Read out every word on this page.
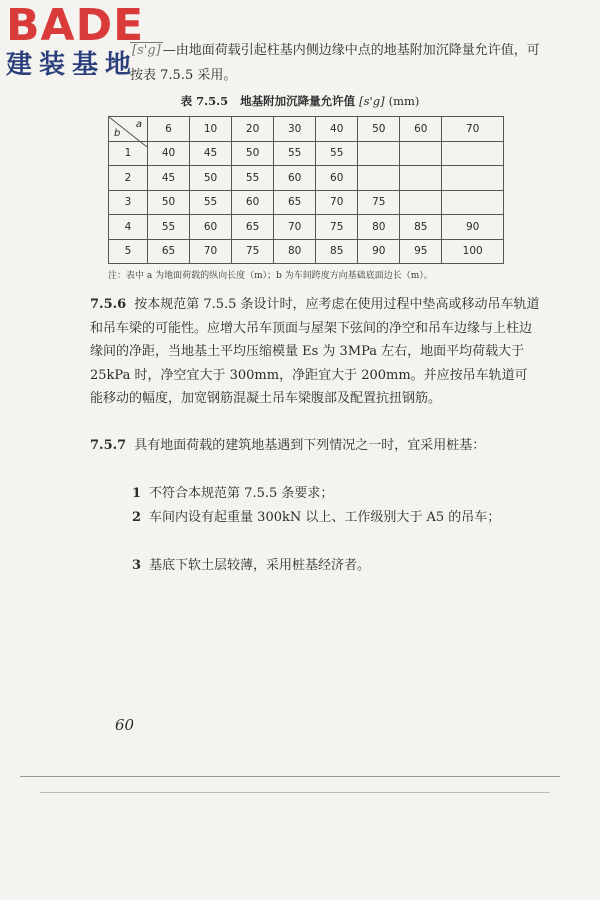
BADE
建装基地

[s'g] —由地面荷载引起柱基内侧边缘中点的地基附加沉降量允许值，可按表 7.5.5 采用。

表 7.5.5 地基附加沉降量允许值 [s'g] (mm)

a
b	6	10	20	30	40	50	60	70
1	40	45	50	55	55			
2	45	50	55	60	60			
3	50	55	60	65	70	75		
4	55	60	65	70	75	80	85	90
5	65	70	75	80	85	90	95	100

注：表中 a 为地面荷载的纵向长度（m）；b 为车间跨度方向基础底面边长（m）。

7.5.6 按本规范第 7.5.5 条设计时，应考虑在使用过程中垫高或移动吊车轨道和吊车梁的可能性。应增大吊车顶面与屋架下弦间的净空和吊车边缘与上柱边缘间的净距，当地基土平均压缩模量 Es 为 3MPa 左右，地面平均荷载大于 25kPa 时，净空宜大于 300mm，净距宜大于 200mm。并应按吊车轨道可能移动的幅度，加宽钢筋混凝土吊车梁腹部及配置抗扭钢筋。

7.5.7 具有地面荷载的建筑地基遇到下列情况之一时，宜采用桩基：

1 不符合本规范第 7.5.5 条要求；

2 车间内设有起重量 300kN 以上、工作级别大于 A5 的吊车；

3 基底下软土层较薄，采用桩基经济者。

60
